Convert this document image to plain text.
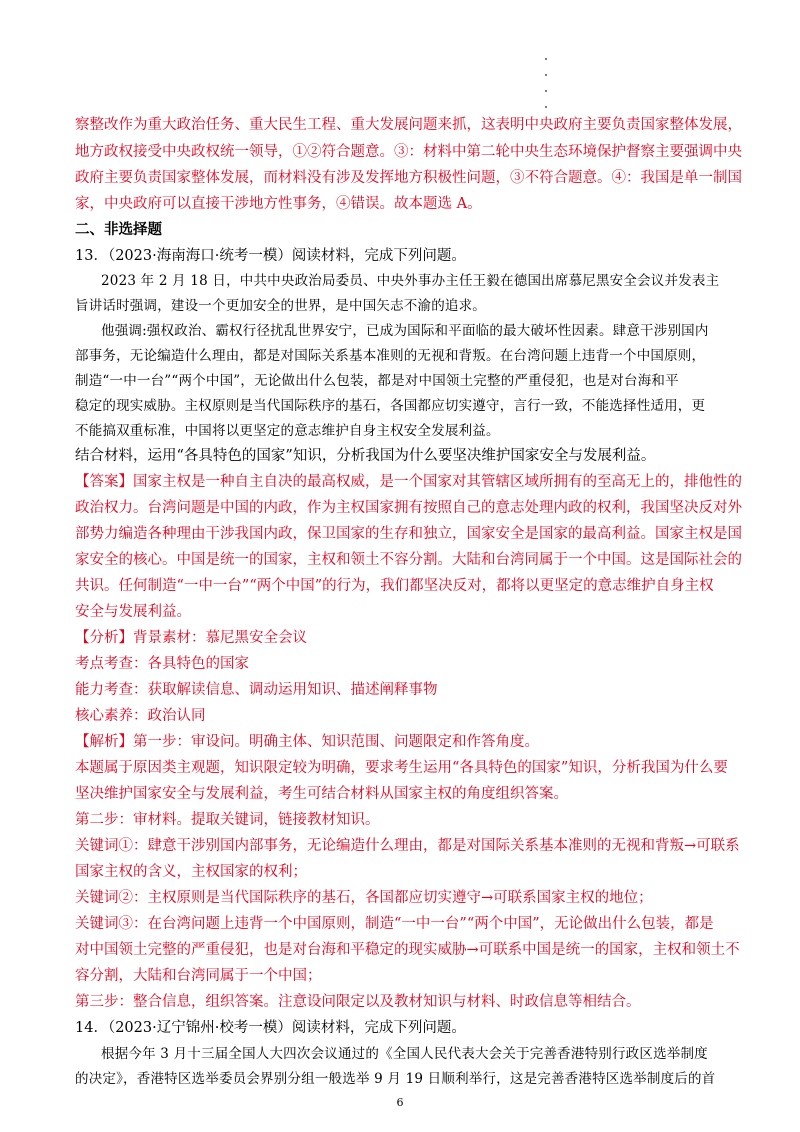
察整改作为重大政治任务、重大民生工程、重大发展问题来抓，这表明中央政府主要负责国家整体发展，
地方政权接受中央政权统一领导，①②符合题意。③：材料中第二轮中央生态环境保护督察主要强调中央
政府主要负责国家整体发展，而材料没有涉及发挥地方积极性问题，③不符合题意。④：我国是单一制国
家，中央政府可以直接干涉地方性事务，④错误。故本题选 A。
二、非选择题
13．（2023·海南海口·统考一模）阅读材料，完成下列问题。
2023 年 2 月 18 日，中共中央政治局委员、中央外事办主任王毅在德国出席慕尼黑安全会议并发表主
旨讲话时强调，建设一个更加安全的世界，是中国矢志不渝的追求。
他强调:强权政治、霸权行径扰乱世界安宁，已成为国际和平面临的最大破坏性因素。肆意干涉别国内
部事务，无论编造什么理由，都是对国际关系基本准则的无视和背叛。在台湾问题上违背一个中国原则，
制造“一中一台”“两个中国”，无论做出什么包装，都是对中国领土完整的严重侵犯，也是对台海和平
稳定的现实威胁。主权原则是当代国际秩序的基石，各国都应切实遵守，言行一致，不能选择性适用，更
不能搞双重标准，中国将以更坚定的意志维护自身主权安全发展利益。
结合材料，运用“各具特色的国家”知识，分析我国为什么要坚决维护国家安全与发展利益。
【答案】国家主权是一种自主自决的最高权威，是一个国家对其管辖区域所拥有的至高无上的，排他性的
政治权力。台湾问题是中国的内政，作为主权国家拥有按照自己的意志处理内政的权利，我国坚决反对外
部势力编造各种理由干涉我国内政，保卫国家的生存和独立，国家安全是国家的最高利益。国家主权是国
家安全的核心。中国是统一的国家，主权和领土不容分割。大陆和台湾同属于一个中国。这是国际社会的
共识。任何制造“一中一台”“两个中国”的行为，我们都坚决反对，都将以更坚定的意志维护自身主权
安全与发展利益。
【分析】背景素材：慕尼黑安全会议
考点考查：各具特色的国家
能力考查：获取解读信息、调动运用知识、描述阐释事物
核心素养：政治认同
【解析】第一步：审设问。明确主体、知识范围、问题限定和作答角度。
本题属于原因类主观题，知识限定较为明确，要求考生运用“各具特色的国家”知识，分析我国为什么要
坚决维护国家安全与发展利益，考生可结合材料从国家主权的角度组织答案。
第二步：审材料。提取关键词，链接教材知识。
关键词①：肆意干涉别国内部事务，无论编造什么理由，都是对国际关系基本准则的无视和背叛→可联系
国家主权的含义，主权国家的权利；
关键词②：主权原则是当代国际秩序的基石，各国都应切实遵守→可联系国家主权的地位；
关键词③：在台湾问题上违背一个中国原则，制造“一中一台”“两个中国”，无论做出什么包装，都是
对中国领土完整的严重侵犯，也是对台海和平稳定的现实威胁→可联系中国是统一的国家，主权和领土不
容分割，大陆和台湾同属于一个中国；
第三步：整合信息，组织答案。注意设问限定以及教材知识与材料、时政信息等相结合。
14．（2023·辽宁锦州·校考一模）阅读材料，完成下列问题。
根据今年 3 月十三届全国人大四次会议通过的《全国人民代表大会关于完善香港特别行政区选举制度
的决定》，香港特区选举委员会界别分组一般选举 9 月 19 日顺利举行，这是完善香港特区选举制度后的首
6
